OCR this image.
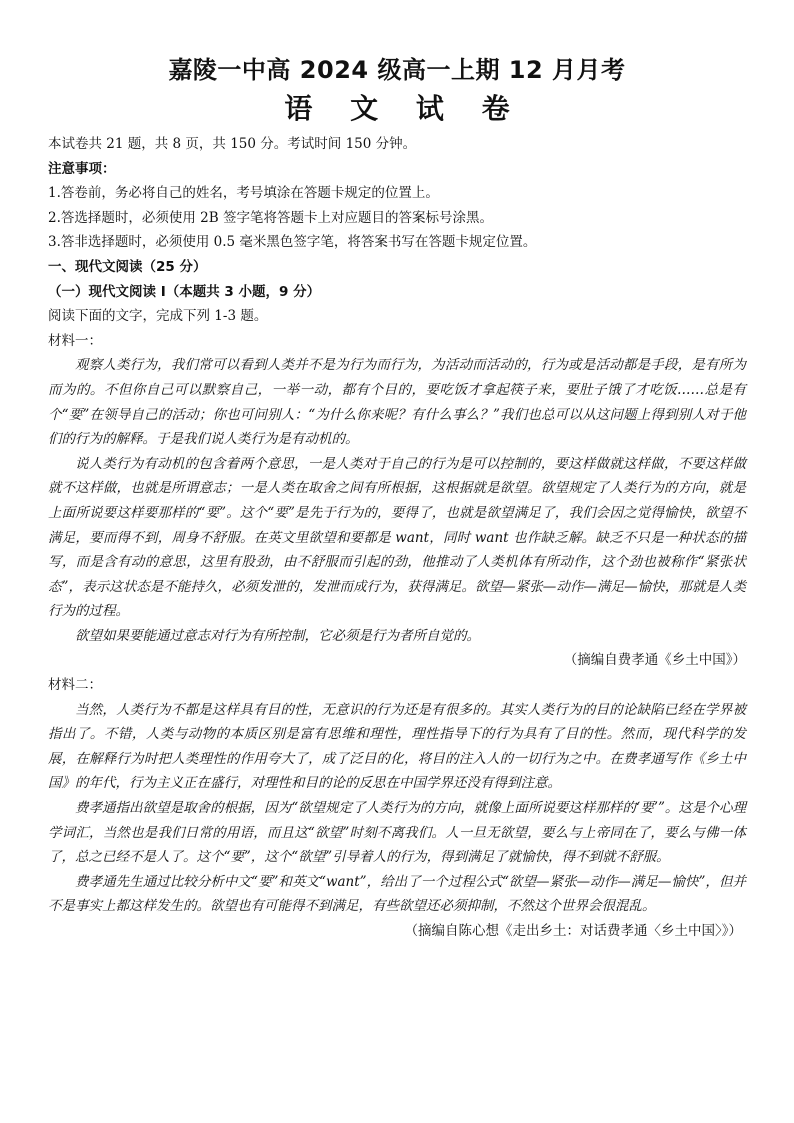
嘉陵一中高 2024 级高一上期 12 月月考
语 文 试 卷

本试卷共 21 题，共 8 页，共 150 分。考试时间 150 分钟。

注意事项：

1.答卷前，务必将自己的姓名，考号填涂在答题卡规定的位置上。

2.答选择题时，必须使用 2B 签字笔将答题卡上对应题目的答案标号涂黑。

3.答非选择题时，必须使用 0.5 毫米黑色签字笔，将答案书写在答题卡规定位置。

一、现代文阅读（25 分）

（一）现代文阅读 I（本题共 3 小题，9 分）

阅读下面的文字，完成下列 1-3 题。

材料一：

观察人类行为，我们常可以看到人类并不是为行为而行为，为活动而活动的，行为或是活动都是手段，是有所为而为的。不但你自己可以默察自己，一举一动，都有个目的，要吃饭才拿起筷子来，要肚子饿了才吃饭……总是有个“要”在领导自己的活动；你也可问别人：“为什么你来呢？有什么事么？”我们也总可以从这问题上得到别人对于他们的行为的解释。于是我们说人类行为是有动机的。

说人类行为有动机的包含着两个意思，一是人类对于自己的行为是可以控制的，要这样做就这样做，不要这样做就不这样做，也就是所谓意志；一是人类在取舍之间有所根据，这根据就是欲望。欲望规定了人类行为的方向，就是上面所说要这样要那样的“要”。这个“要”是先于行为的，要得了，也就是欲望满足了，我们会因之觉得愉快，欲望不满足，要而得不到，周身不舒服。在英文里欲望和要都是 want，同时 want 也作缺乏解。缺乏不只是一种状态的描写，而是含有动的意思，这里有股劲，由不舒服而引起的劲，他推动了人类机体有所动作，这个劲也被称作“紧张状态”，表示这状态是不能持久，必须发泄的，发泄而成行为，获得满足。欲望—紧张—动作—满足—愉快，那就是人类行为的过程。

欲望如果要能通过意志对行为有所控制，它必须是行为者所自觉的。

（摘编自费孝通《乡土中国》）

材料二：

当然，人类行为不都是这样具有目的性，无意识的行为还是有很多的。其实人类行为的目的论缺陷已经在学界被指出了。不错，人类与动物的本质区别是富有思维和理性，理性指导下的行为具有了目的性。然而，现代科学的发展，在解释行为时把人类理性的作用夸大了，成了泛目的化，将目的注入人的一切行为之中。在费孝通写作《乡土中国》的年代，行为主义正在盛行，对理性和目的论的反思在中国学界还没有得到注意。

费孝通指出欲望是取舍的根据，因为“欲望规定了人类行为的方向，就像上面所说要这样那样的‘要’”。这是个心理学词汇，当然也是我们日常的用语，而且这“欲望”时刻不离我们。人一旦无欲望，要么与上帝同在了，要么与佛一体了，总之已经不是人了。这个“要”，这个“欲望”引导着人的行为，得到满足了就愉快，得不到就不舒服。

费孝通先生通过比较分析中文“要”和英文“want”，给出了一个过程公式“欲望—紧张—动作—满足—愉快”，但并不是事实上都这样发生的。欲望也有可能得不到满足，有些欲望还必须抑制，不然这个世界会很混乱。

（摘编自陈心想《走出乡土：对话费孝通〈乡土中国〉》）
